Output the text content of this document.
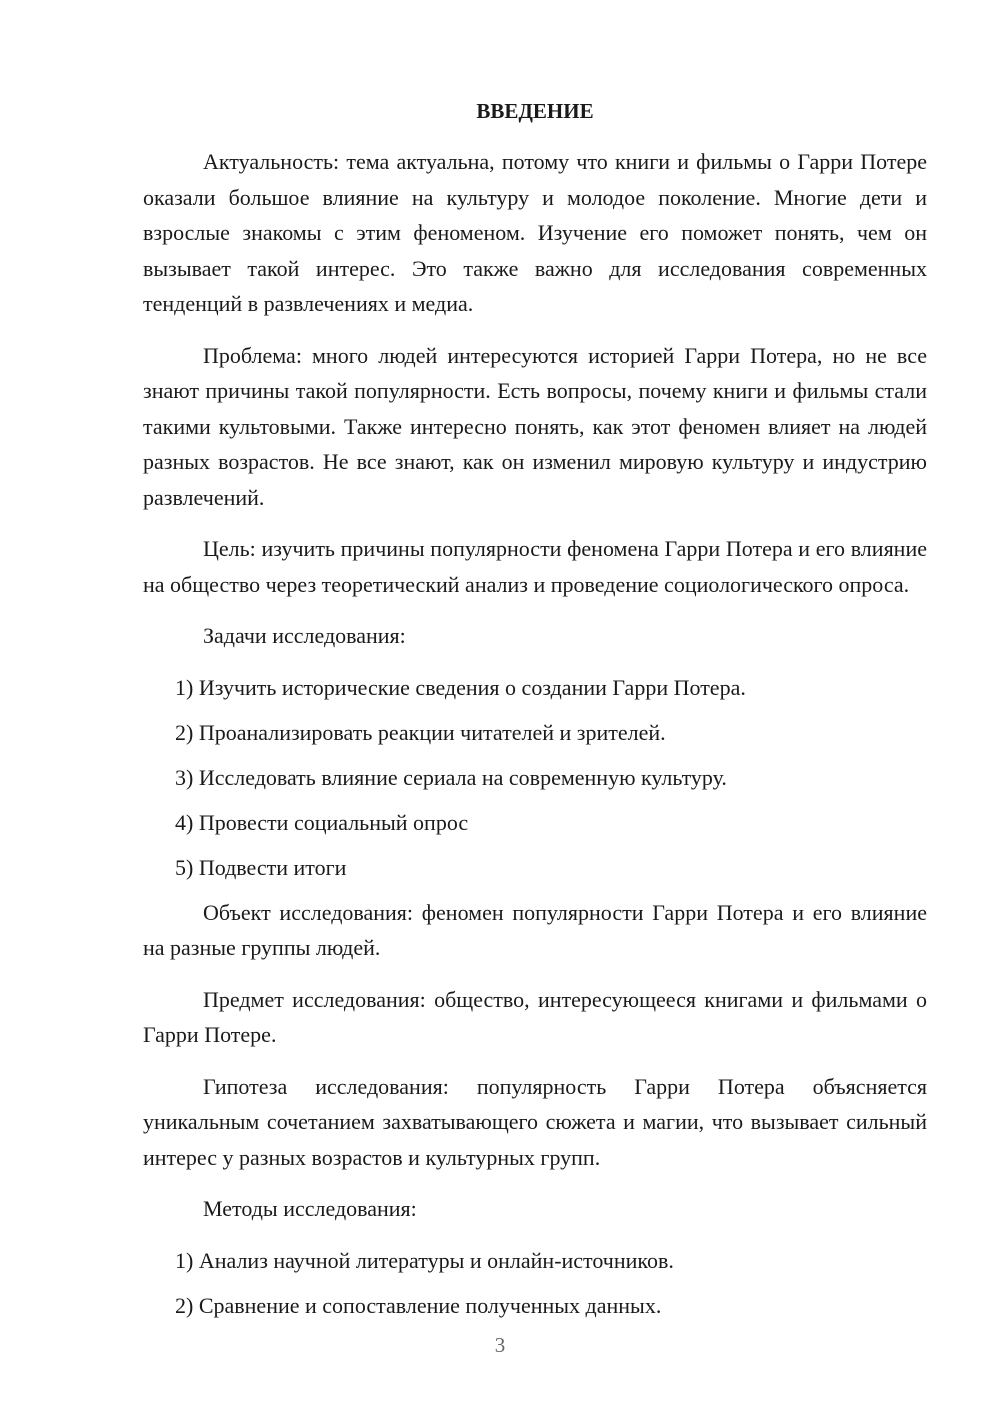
ВВЕДЕНИЕ

Актуальность: тема актуальна, потому что книги и фильмы о Гарри Потере оказали большое влияние на культуру и молодое поколение. Многие дети и взрослые знакомы с этим феноменом. Изучение его поможет понять, чем он вызывает такой интерес. Это также важно для исследования современных тенденций в развлечениях и медиа.

Проблема: много людей интересуются историей Гарри Потера, но не все знают причины такой популярности. Есть вопросы, почему книги и фильмы стали такими культовыми. Также интересно понять, как этот феномен влияет на людей разных возрастов. Не все знают, как он изменил мировую культуру и индустрию развлечений.

Цель: изучить причины популярности феномена Гарри Потера и его влияние на общество через теоретический анализ и проведение социологического опроса.

Задачи исследования:

1) Изучить исторические сведения о создании Гарри Потера.
2) Проанализировать реакции читателей и зрителей.
3) Исследовать влияние сериала на современную культуру.
4) Провести социальный опрос
5) Подвести итоги

Объект исследования: феномен популярности Гарри Потера и его влияние на разные группы людей.

Предмет исследования: общество, интересующееся книгами и фильмами о Гарри Потере.

Гипотеза исследования: популярность Гарри Потера объясняется уникальным сочетанием захватывающего сюжета и магии, что вызывает сильный интерес у разных возрастов и культурных групп.

Методы исследования:

1) Анализ научной литературы и онлайн-источников.
2) Сравнение и сопоставление полученных данных.
3
